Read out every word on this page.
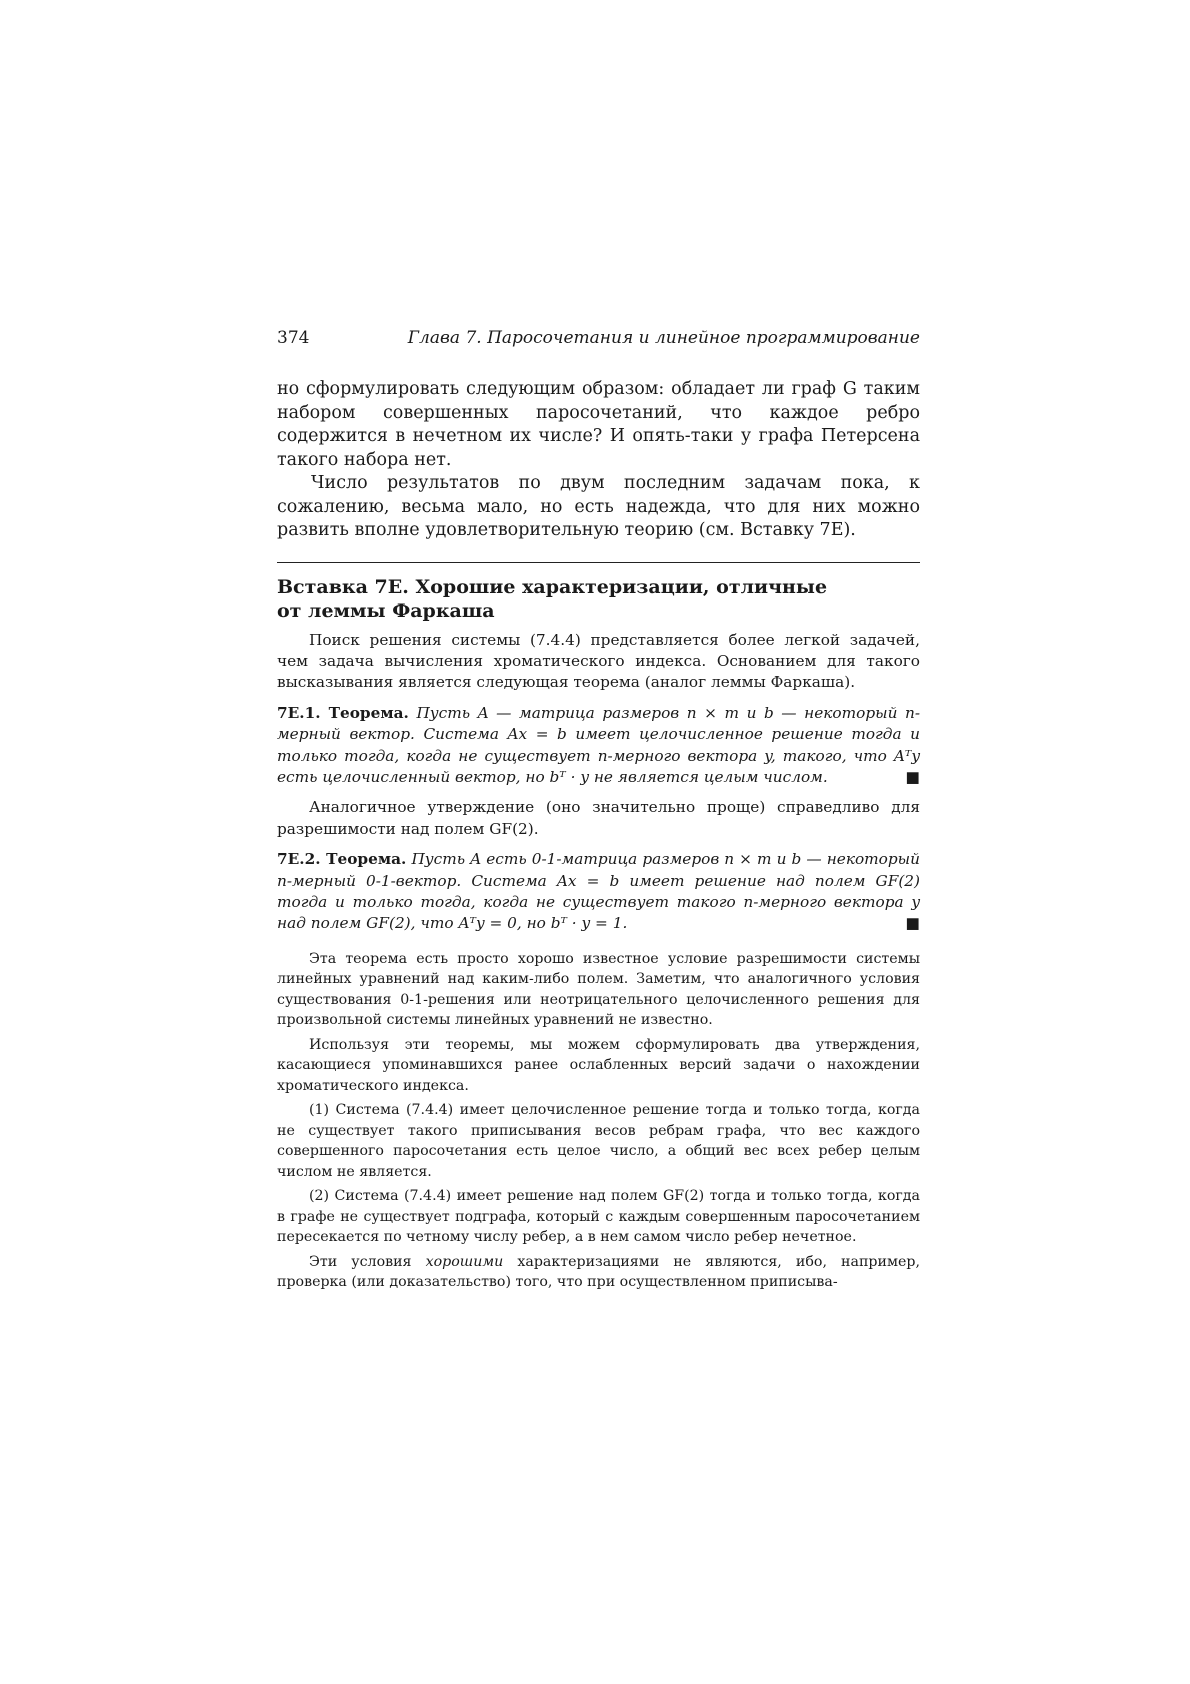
374	Глава 7. Паросочетания и линейное программирование

но сформулировать следующим образом: обладает ли граф G таким набором совершенных паросочетаний, что каждое ребро содержится в нечетном их числе? И опять-таки у графа Петерсена такого набора нет.

Число результатов по двум последним задачам пока, к сожалению, весьма мало, но есть надежда, что для них можно развить вполне удовлетворительную теорию (см. Вставку 7Е).

Вставка 7Е. Хорошие характеризации, отличные от леммы Фаркаша

Поиск решения системы (7.4.4) представляется более легкой задачей, чем задача вычисления хроматического индекса. Основанием для такого высказывания является следующая теорема (аналог леммы Фаркаша).

7Е.1. Теорема. Пусть A — матрица размеров n × m и b — некоторый n-мерный вектор. Система Ax = b имеет целочисленное решение тогда и только тогда, когда не существует n-мерного вектора y, такого, что Aᵀy есть целочисленный вектор, но bᵀ · y не является целым числом.	■

Аналогичное утверждение (оно значительно проще) справедливо для разрешимости над полем GF(2).

7Е.2. Теорема. Пусть A есть 0-1-матрица размеров n × m и b — некоторый n-мерный 0-1-вектор. Система Ax = b имеет решение над полем GF(2) тогда и только тогда, когда не существует такого n-мерного вектора y над полем GF(2), что Aᵀy = 0, но bᵀ · y = 1.	■

Эта теорема есть просто хорошо известное условие разрешимости системы линейных уравнений над каким-либо полем. Заметим, что аналогичного условия существования 0-1-решения или неотрицательного целочисленного решения для произвольной системы линейных уравнений не известно.

Используя эти теоремы, мы можем сформулировать два утверждения, касающиеся упоминавшихся ранее ослабленных версий задачи о нахождении хроматического индекса.

(1) Система (7.4.4) имеет целочисленное решение тогда и только тогда, когда не существует такого приписывания весов ребрам графа, что вес каждого совершенного паросочетания есть целое число, а общий вес всех ребер целым числом не является.

(2) Система (7.4.4) имеет решение над полем GF(2) тогда и только тогда, когда в графе не существует подграфа, который с каждым совершенным паросочетанием пересекается по четному числу ребер, а в нем самом число ребер нечетное.

Эти условия хорошими характеризациями не являются, ибо, например, проверка (или доказательство) того, что при осуществленном приписыва-
